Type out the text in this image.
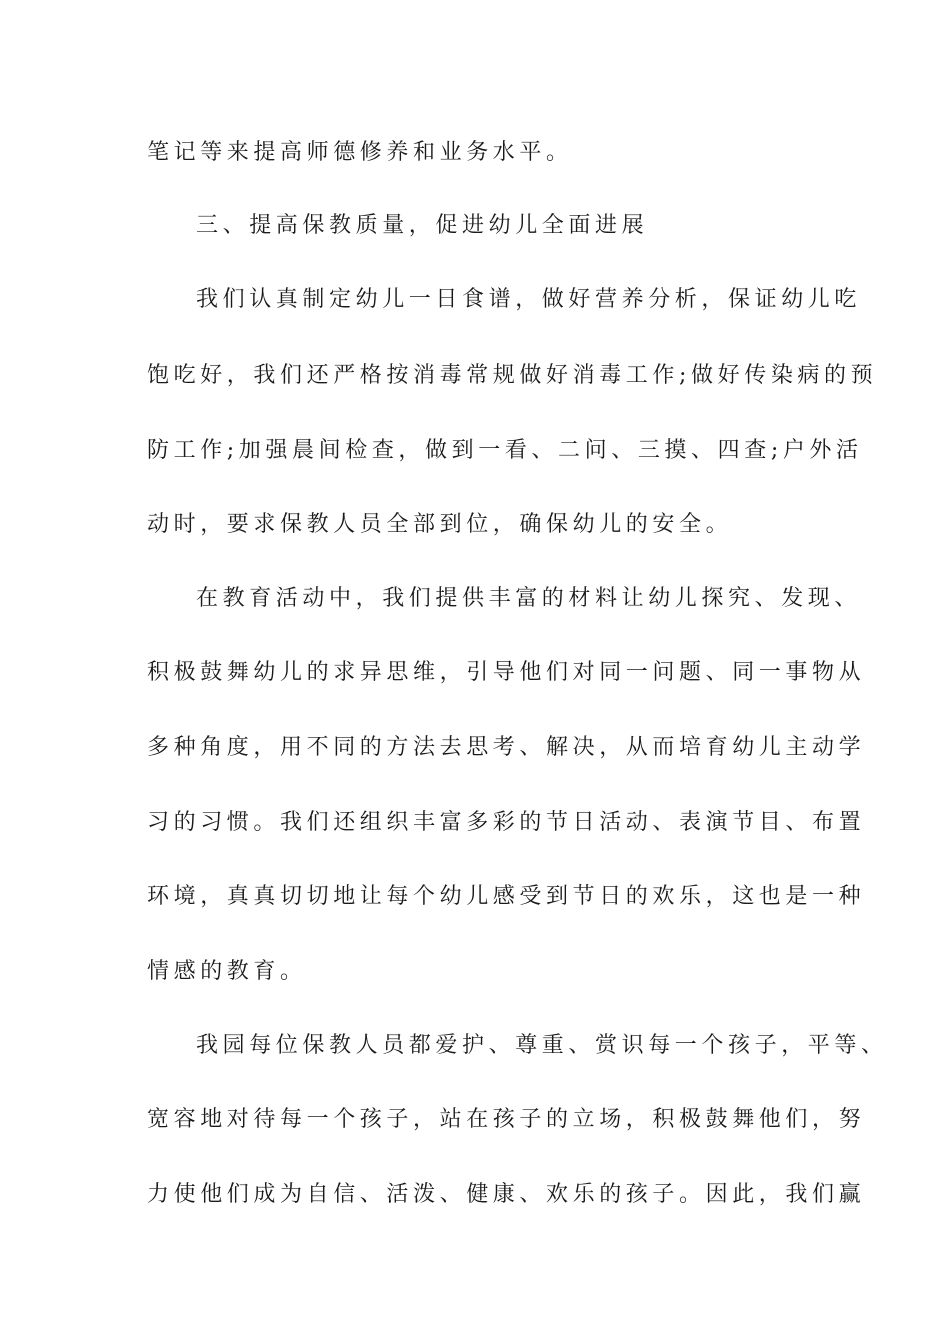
笔记等来提高师德修养和业务水平。
三、提高保教质量，促进幼儿全面进展
我们认真制定幼儿一日食谱，做好营养分析，保证幼儿吃
饱吃好，我们还严格按消毒常规做好消毒工作;做好传染病的预
防工作;加强晨间检查，做到一看、二问、三摸、四查;户外活
动时，要求保教人员全部到位，确保幼儿的安全。
在教育活动中，我们提供丰富的材料让幼儿探究、发现、
积极鼓舞幼儿的求异思维，引导他们对同一问题、同一事物从
多种角度，用不同的方法去思考、解决，从而培育幼儿主动学
习的习惯。我们还组织丰富多彩的节日活动、表演节目、布置
环境，真真切切地让每个幼儿感受到节日的欢乐，这也是一种
情感的教育。
我园每位保教人员都爱护、尊重、赏识每一个孩子，平等、
宽容地对待每一个孩子，站在孩子的立场，积极鼓舞他们，努
力使他们成为自信、活泼、健康、欢乐的孩子。因此，我们赢
